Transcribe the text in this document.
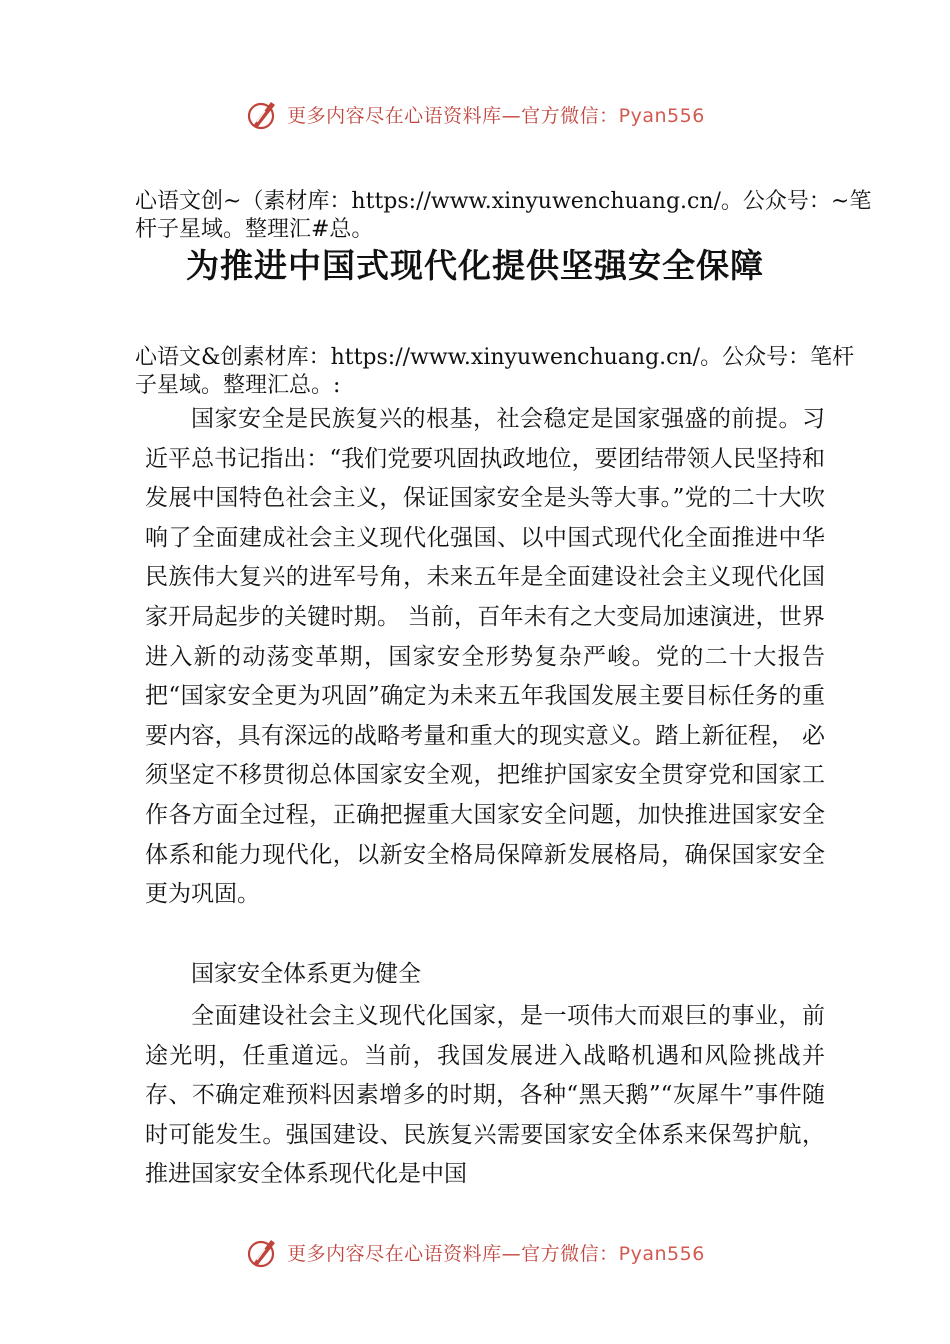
更多内容尽在心语资料库—官方微信：Pyan556
心语文创~（素材库：https://www.xinyuwenchuang.cn/。公众号：~笔杆子星域。整理汇#总。
为推进中国式现代化提供坚强安全保障
心语文&创素材库：https://www.xinyuwenchuang.cn/。公众号：笔杆子星域。整理汇总。:

国家安全是民族复兴的根基，社会稳定是国家强盛的前提。习近平总书记指出：“我们党要巩固执政地位，要团结带领人民坚持和发展中国特色社会主义，保证国家安全是头等大事。”党的二十大吹响了全面建成社会主义现代化强国、以中国式现代化全面推进中华民族伟大复兴的进军号角，未来五年是全面建设社会主义现代化国家开局起步的关键时期。 当前，百年未有之大变局加速演进，世界进入新的动荡变革期，国家安全形势复杂严峻。党的二十大报告把“国家安全更为巩固”确定为未来五年我国发展主要目标任务的重要内容，具有深远的战略考量和重大的现实意义。踏上新征程， 必须坚定不移贯彻总体国家安全观，把维护国家安全贯穿党和国家工作各方面全过程，正确把握重大国家安全问题，加快推进国家安全体系和能力现代化，以新安全格局保障新发展格局，确保国家安全更为巩固。

国家安全体系更为健全

全面建设社会主义现代化国家，是一项伟大而艰巨的事业，前途光明，任重道远。当前，我国发展进入战略机遇和风险挑战并存、不确定难预料因素增多的时期，各种“黑天鹅”“灰犀牛”事件随时可能发生。强国建设、民族复兴需要国家安全体系来保驾护航，推进国家安全体系现代化是中国

更多内容尽在心语资料库—官方微信：Pyan556
